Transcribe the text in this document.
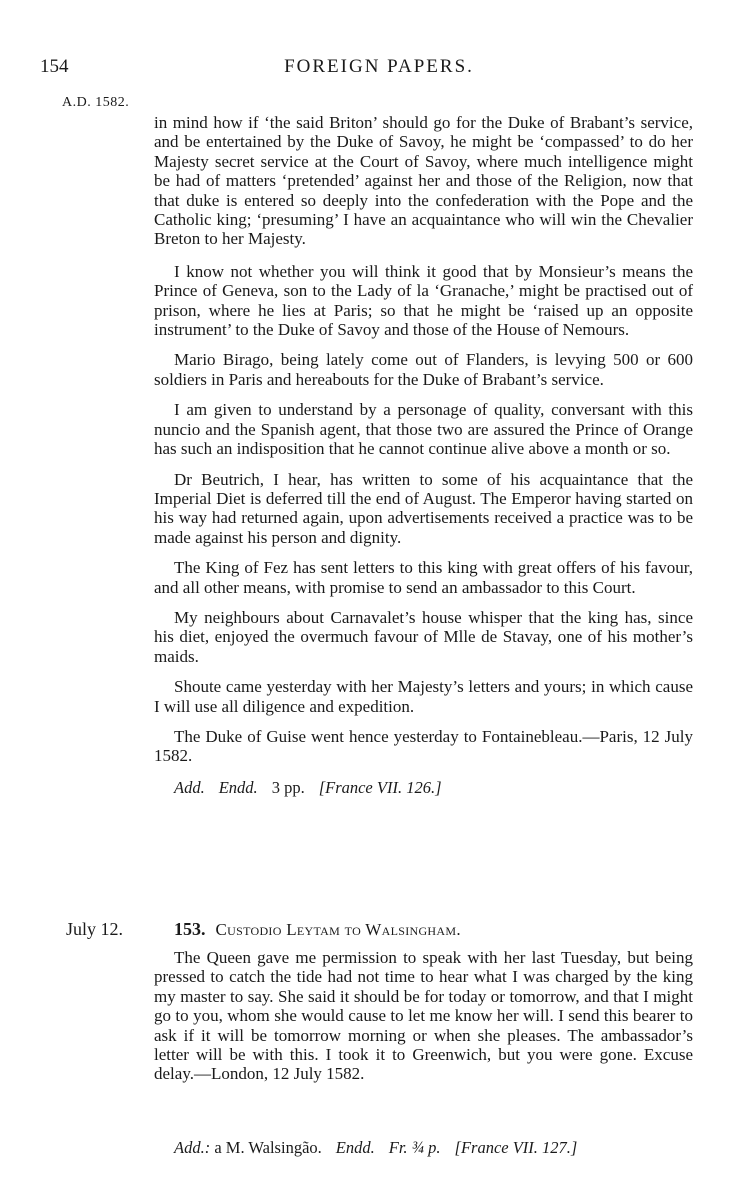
154	FOREIGN PAPERS.
A.D. 1582.

in mind how if ‘the said Briton’ should go for the Duke of Brabant’s service, and be entertained by the Duke of Savoy, he might be ‘compassed’ to do her Majesty secret service at the Court of Savoy, where much intelligence might be had of matters ‘pretended’ against her and those of the Religion, now that that duke is entered so deeply into the confederation with the Pope and the Catholic king; ‘presuming’ I have an acquaintance who will win the Chevalier Breton to her Majesty.

I know not whether you will think it good that by Monsieur’s means the Prince of Geneva, son to the Lady of la ‘Granache,’ might be practised out of prison, where he lies at Paris; so that he might be ‘raised up an opposite instrument’ to the Duke of Savoy and those of the House of Nemours.

Mario Birago, being lately come out of Flanders, is levying 500 or 600 soldiers in Paris and hereabouts for the Duke of Brabant’s service.

I am given to understand by a personage of quality, conversant with this nuncio and the Spanish agent, that those two are assured the Prince of Orange has such an indisposition that he cannot continue alive above a month or so.

Dr Beutrich, I hear, has written to some of his acquaintance that the Imperial Diet is deferred till the end of August. The Emperor having started on his way had returned again, upon advertisements received a practice was to be made against his person and dignity.

The King of Fez has sent letters to this king with great offers of his favour, and all other means, with promise to send an ambassador to this Court.

My neighbours about Carnavalet’s house whisper that the king has, since his diet, enjoyed the overmuch favour of Mlle de Stavay, one of his mother’s maids.

Shoute came yesterday with her Majesty’s letters and yours; in which cause I will use all diligence and expedition.

The Duke of Guise went hence yesterday to Fontainebleau.—Paris, 12 July 1582.

Add. Endd. 3 pp. [France VII. 126.]
July 12.	153. Custodio Leytam to Walsingham.

The Queen gave me permission to speak with her last Tuesday, but being pressed to catch the tide had not time to hear what I was charged by the king my master to say. She said it should be for today or tomorrow, and that I might go to you, whom she would cause to let me know her will. I send this bearer to ask if it will be tomorrow morning or when she pleases. The ambassador’s letter will be with this. I took it to Greenwich, but you were gone. Excuse delay.—London, 12 July 1582.

Add.: a M. Walsingão. Endd. Fr. ¾ p. [France VII. 127.]
